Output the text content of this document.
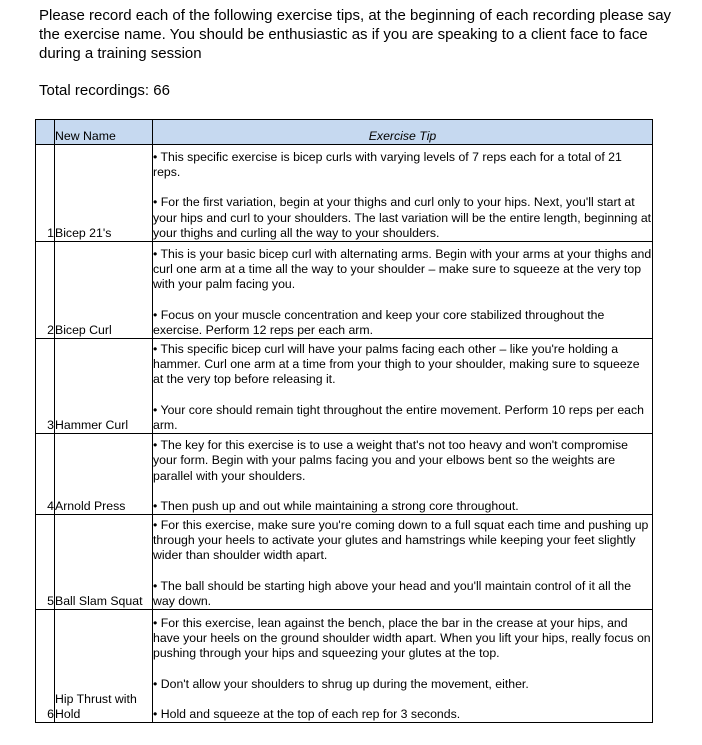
Please record each of the following exercise tips, at the beginning of each recording please say the exercise name. You should be enthusiastic as if you are speaking to a client face to face during a training session
Total recordings: 66
	New Name	Exercise Tip
1	Bicep 21's	• This specific exercise is bicep curls with varying levels of 7 reps each for a total of 21 reps.

• For the first variation, begin at your thighs and curl only to your hips. Next, you'll start at your hips and curl to your shoulders. The last variation will be the entire length, beginning at your thighs and curling all the way to your shoulders.

2	Bicep Curl	• This is your basic bicep curl with alternating arms. Begin with your arms at your thighs and curl one arm at a time all the way to your shoulder – make sure to squeeze at the very top with your palm facing you.

• Focus on your muscle concentration and keep your core stabilized throughout the exercise. Perform 12 reps per each arm.

3	Hammer Curl	• This specific bicep curl will have your palms facing each other – like you're holding a hammer. Curl one arm at a time from your thigh to your shoulder, making sure to squeeze at the very top before releasing it.

• Your core should remain tight throughout the entire movement. Perform 10 reps per each arm.

4	Arnold Press	• The key for this exercise is to use a weight that's not too heavy and won't compromise your form. Begin with your palms facing you and your elbows bent so the weights are parallel with your shoulders.

• Then push up and out while maintaining a strong core throughout.

5	Ball Slam Squat	• For this exercise, make sure you're coming down to a full squat each time and pushing up through your heels to activate your glutes and hamstrings while keeping your feet slightly wider than shoulder width apart.

• The ball should be starting high above your head and you'll maintain control of it all the way down.

6	Hip Thrust with Hold	• For this exercise, lean against the bench, place the bar in the crease at your hips, and have your heels on the ground shoulder width apart. When you lift your hips, really focus on pushing through your hips and squeezing your glutes at the top.

• Don't allow your shoulders to shrug up during the movement, either.

• Hold and squeeze at the top of each rep for 3 seconds.
